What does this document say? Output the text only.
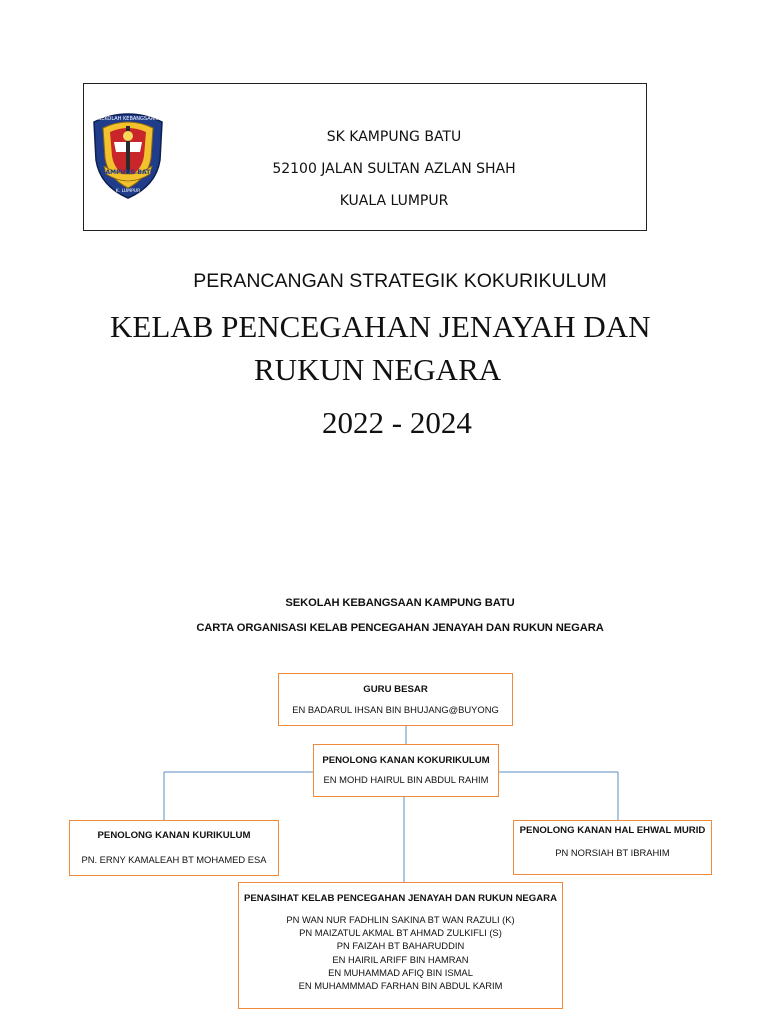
SEKOLAH KEBANGSAAN
KAMPUNG BATU
K. LUMPUR
SK KAMPUNG BATU
52100 JALAN SULTAN AZLAN SHAH
KUALA LUMPUR
PERANCANGAN STRATEGIK KOKURIKULUM
KELAB PENCEGAHAN JENAYAH DAN
RUKUN NEGARA
2022 - 2024
SEKOLAH KEBANGSAAN KAMPUNG BATU
CARTA ORGANISASI KELAB PENCEGAHAN JENAYAH DAN RUKUN NEGARA
GURU BESAR
EN BADARUL IHSAN BIN BHUJANG@BUYONG
PENOLONG KANAN KOKURIKULUM
EN MOHD HAIRUL BIN ABDUL RAHIM
PENOLONG KANAN KURIKULUM
PN. ERNY KAMALEAH BT MOHAMED ESA
PENOLONG KANAN HAL EHWAL MURID
PN NORSIAH BT IBRAHIM
PENASIHAT KELAB PENCEGAHAN JENAYAH DAN RUKUN NEGARA
PN WAN NUR FADHLIN SAKINA BT WAN RAZULI (K)
PN MAIZATUL AKMAL BT AHMAD ZULKIFLI (S)
PN FAIZAH BT BAHARUDDIN
EN HAIRIL ARIFF BIN HAMRAN
EN MUHAMMAD AFIQ BIN ISMAL
EN MUHAMMMAD FARHAN BIN ABDUL KARIM
